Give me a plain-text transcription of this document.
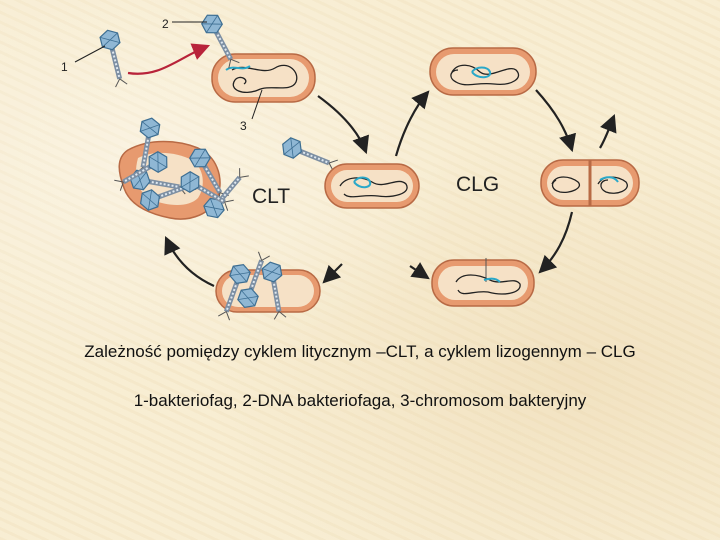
2
1
3
CLT
CLG
Zależność pomiędzy cyklem litycznym –CLT, a cyklem lizogennym – CLG
1-bakteriofag, 2-DNA bakteriofaga, 3-chromosom bakteryjny
